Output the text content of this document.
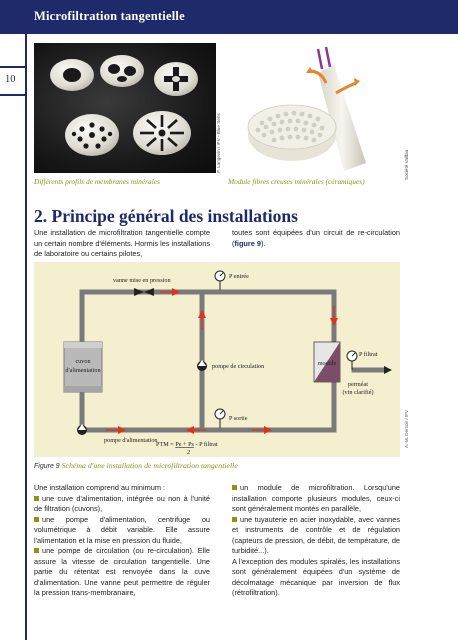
Microfiltration tangentielle
10
P. Langevin / IFV - Blue Sens
Différents profils de membranes minérales
Société Vallbia
Module fibres creuses minérales (céramiques)
2. Principe général des installations
Une installation de microfiltration tangentielle compte un certain nombre d'éléments. Hormis les installations de laboratoire ou certains pilotes,
toutes sont équipées d'un circuit de re-circulation (figure 9).
cuvon
d'alimentation
vanne mise en pression
P entrée
pompe de circulation	module
P filtrat
perméat
(vin clarifié)
P sortie
pompe d'alimentation
PTM = Pe + Ps - P filtrat
2
A.-M. Dersoir / IFV
Figure 9 Schéma d'une installation de microfiltration tangentielle

Une installation comprend au minimum :

une cuve d'alimentation, intégrée ou non à l'unité de filtration (cuvons),

une pompe d'alimentation, centrifuge ou volumétrique à débit variable. Elle assure l'alimentation et la mise en pression du fluide,

une pompe de circulation (ou re-circulation). Elle assure la vitesse de circulation tangentielle. Une partie du rétentat est renvoyée dans la cuve d'alimentation. Une vanne peut permettre de réguler la pression trans-membranaire,

un module de microfiltration. Lorsqu'une installation comporte plusieurs modules, ceux-ci sont généralement montés en parallèle,

une tuyauterie en acier inoxydable, avec vannes et instruments de contrôle et de régulation (capteurs de pression, de débit, de température, de turbidité...).

A l'exception des modules spiralés, les installations sont généralement équipées d'un système de décolmatage mécanique par inversion de flux (rétrofiltration).
